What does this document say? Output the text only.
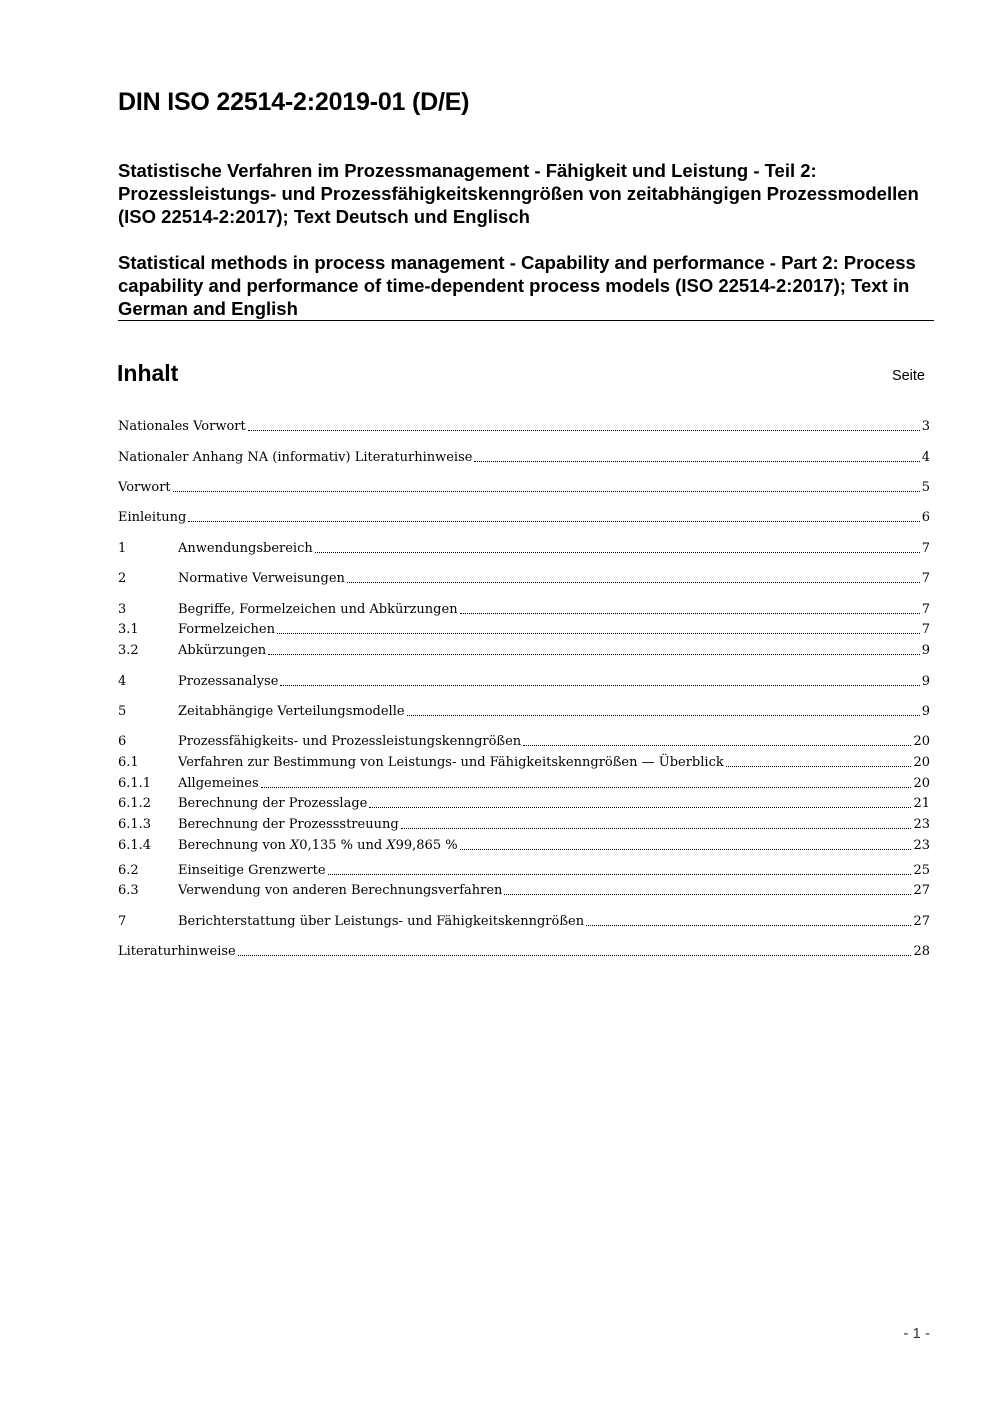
DIN ISO 22514-2:2019-01 (D/E)

Statistische Verfahren im Prozessmanagement - Fähigkeit und Leistung - Teil 2: Prozessleistungs- und Prozessfähigkeitskenngrößen von zeitabhängigen Prozessmodellen (ISO 22514-2:2017); Text Deutsch und Englisch

Statistical methods in process management - Capability and performance - Part 2: Process capability and performance of time-dependent process models (ISO 22514-2:2017); Text in German and English

Inhalt	Seite
Nationales Vorwort	3
Nationaler Anhang NA (informativ) Literaturhinweise	4
Vorwort	5
Einleitung	6
1	Anwendungsbereich	7
2	Normative Verweisungen	7
3	Begriffe, Formelzeichen und Abkürzungen	7
3.1	Formelzeichen	7
3.2	Abkürzungen	9
4	Prozessanalyse	9
5	Zeitabhängige Verteilungsmodelle	9
6	Prozessfähigkeits- und Prozessleistungskenngrößen	20
6.1	Verfahren zur Bestimmung von Leistungs- und Fähigkeitskenngrößen — Überblick	20
6.1.1	Allgemeines	20
6.1.2	Berechnung der Prozesslage	21
6.1.3	Berechnung der Prozessstreuung	23
6.1.4	Berechnung von 𝑋0,135 % und 𝑋99,865 %	23
6.2	Einseitige Grenzwerte	25
6.3	Verwendung von anderen Berechnungsverfahren	27
7	Berichterstattung über Leistungs- und Fähigkeitskenngrößen	27
Literaturhinweise	28
- 1 -
